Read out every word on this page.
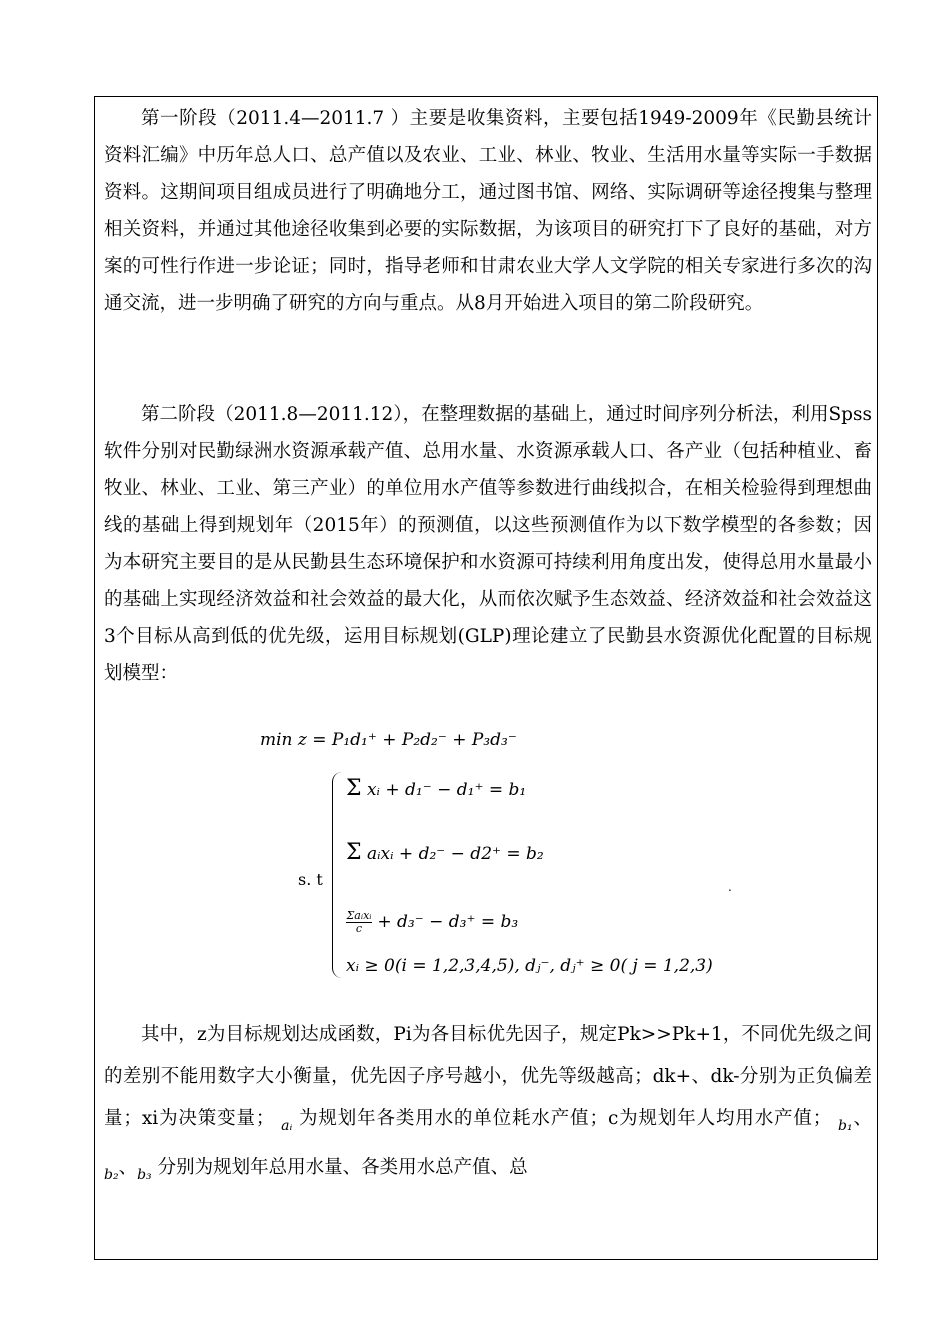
第一阶段（2011.4—2011.7 ）主要是收集资料，主要包括1949-2009年《民勤县统计资料汇编》中历年总人口、总产值以及农业、工业、林业、牧业、生活用水量等实际一手数据资料。这期间项目组成员进行了明确地分工，通过图书馆、网络、实际调研等途径搜集与整理相关资料，并通过其他途径收集到必要的实际数据，为该项目的研究打下了良好的基础，对方案的可性行作进一步论证；同时，指导老师和甘肃农业大学人文学院的相关专家进行多次的沟通交流，进一步明确了研究的方向与重点。从8月开始进入项目的第二阶段研究。

第二阶段（2011.8—2011.12），在整理数据的基础上，通过时间序列分析法，利用Spss软件分别对民勤绿洲水资源承载产值、总用水量、水资源承载人口、各产业（包括种植业、畜牧业、林业、工业、第三产业）的单位用水产值等参数进行曲线拟合，在相关检验得到理想曲线的基础上得到规划年（2015年）的预测值，以这些预测值作为以下数学模型的各参数；因为本研究主要目的是从民勤县生态环境保护和水资源可持续利用角度出发，使得总用水量最小的基础上实现经济效益和社会效益的最大化，从而依次赋予生态效益、经济效益和社会效益这3个目标从高到低的优先级，运用目标规划(GLP)理论建立了民勤县水资源优化配置的目标规划模型：

min z = P₁d₁⁺ + P₂d₂⁻ + P₃d₃⁻
s. t
Σ xᵢ + d₁⁻ − d₁⁺ = b₁
Σ aᵢxᵢ + d₂⁻ − d2⁺ = b₂
Σaᵢxᵢ
c + d₃⁻ − d₃⁺ = b₃
xᵢ ≥ 0(i = 1,2,3,4,5), dⱼ⁻, dⱼ⁺ ≥ 0( j = 1,2,3)
.

其中，z为目标规划达成函数，Pi为各目标优先因子，规定Pk>>Pk+1，不同优先级之间的差别不能用数字大小衡量，优先因子序号越小，优先等级越高；dk+、dk-分别为正负偏差量；xi为决策变量； $_{aᵢ}$ 为规划年各类用水的单位耗水产值；c为规划年人均用水产值； $_{b_1}$、$_{b_2}$、$_{b_3}$ 分别为规划年总用水量、各类用水总产值、总
